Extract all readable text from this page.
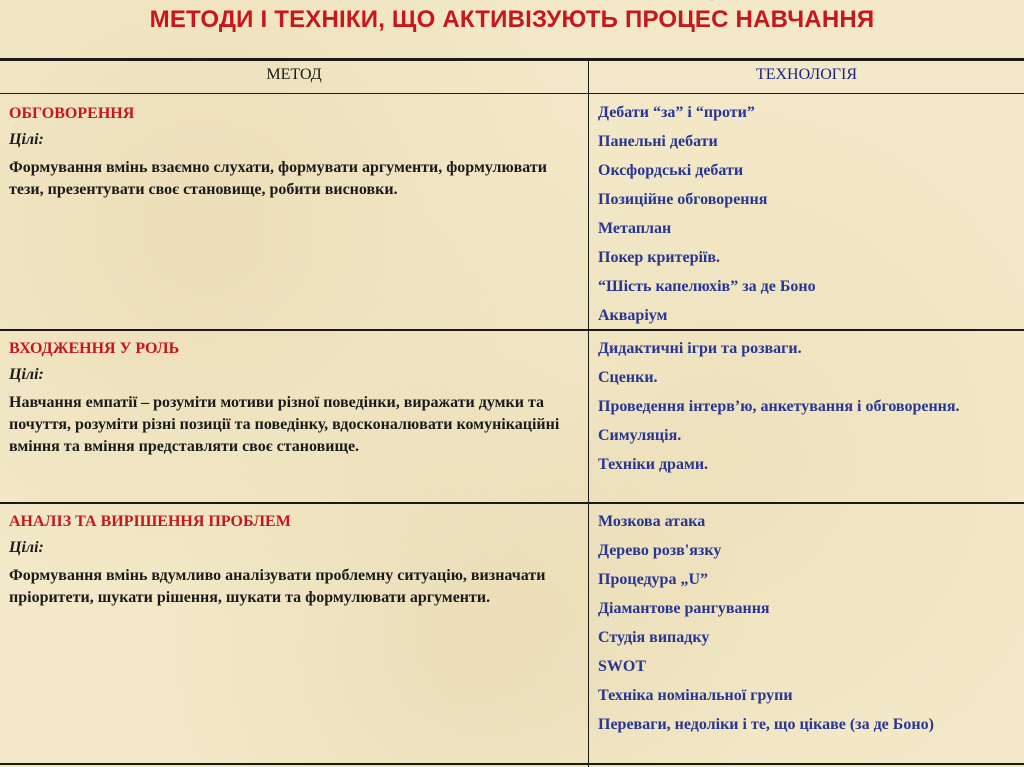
МЕТОДИ І ТЕХНІКИ, ЩО АКТИВІЗУЮТЬ ПРОЦЕС НАВЧАННЯ
МЕТОД	ТЕХНОЛОГІЯ
ОБГОВОРЕННЯ
Цілі:
Формування вмінь взаємно слухати, формувати аргументи, формулювати тези, презентувати своє становище, робити висновки.
Дебати “за” і “проти”
Панельні дебати
Оксфордські дебати
Позиційне обговорення
Метаплан
Покер критеріїв.
“Шість капелюхів” за де Боно
Акваріум
ВХОДЖЕННЯ У РОЛЬ
Цілі:
Навчання емпатії – розуміти мотиви різної поведінки, виражати думки та почуття, розуміти різні позиції та поведінку, вдосконалювати комунікаційні вміння та вміння представляти своє становище.
Дидактичні ігри та розваги.
Сценки.
Проведення інтерв’ю, анкетування і обговорення.
Симуляція.
Техніки драми.
АНАЛІЗ ТА ВИРІШЕННЯ ПРОБЛЕМ
Цілі:
Формування вмінь вдумливо аналізувати проблемну ситуацію, визначати пріоритети, шукати рішення, шукати та формулювати аргументи.
Мозкова атака
Дерево розв'язку
Процедура „U”
Діамантове рангування
Студія випадку
SWOT
Техніка номінальної групи
Переваги, недоліки і те, що цікаве (за де Боно)
